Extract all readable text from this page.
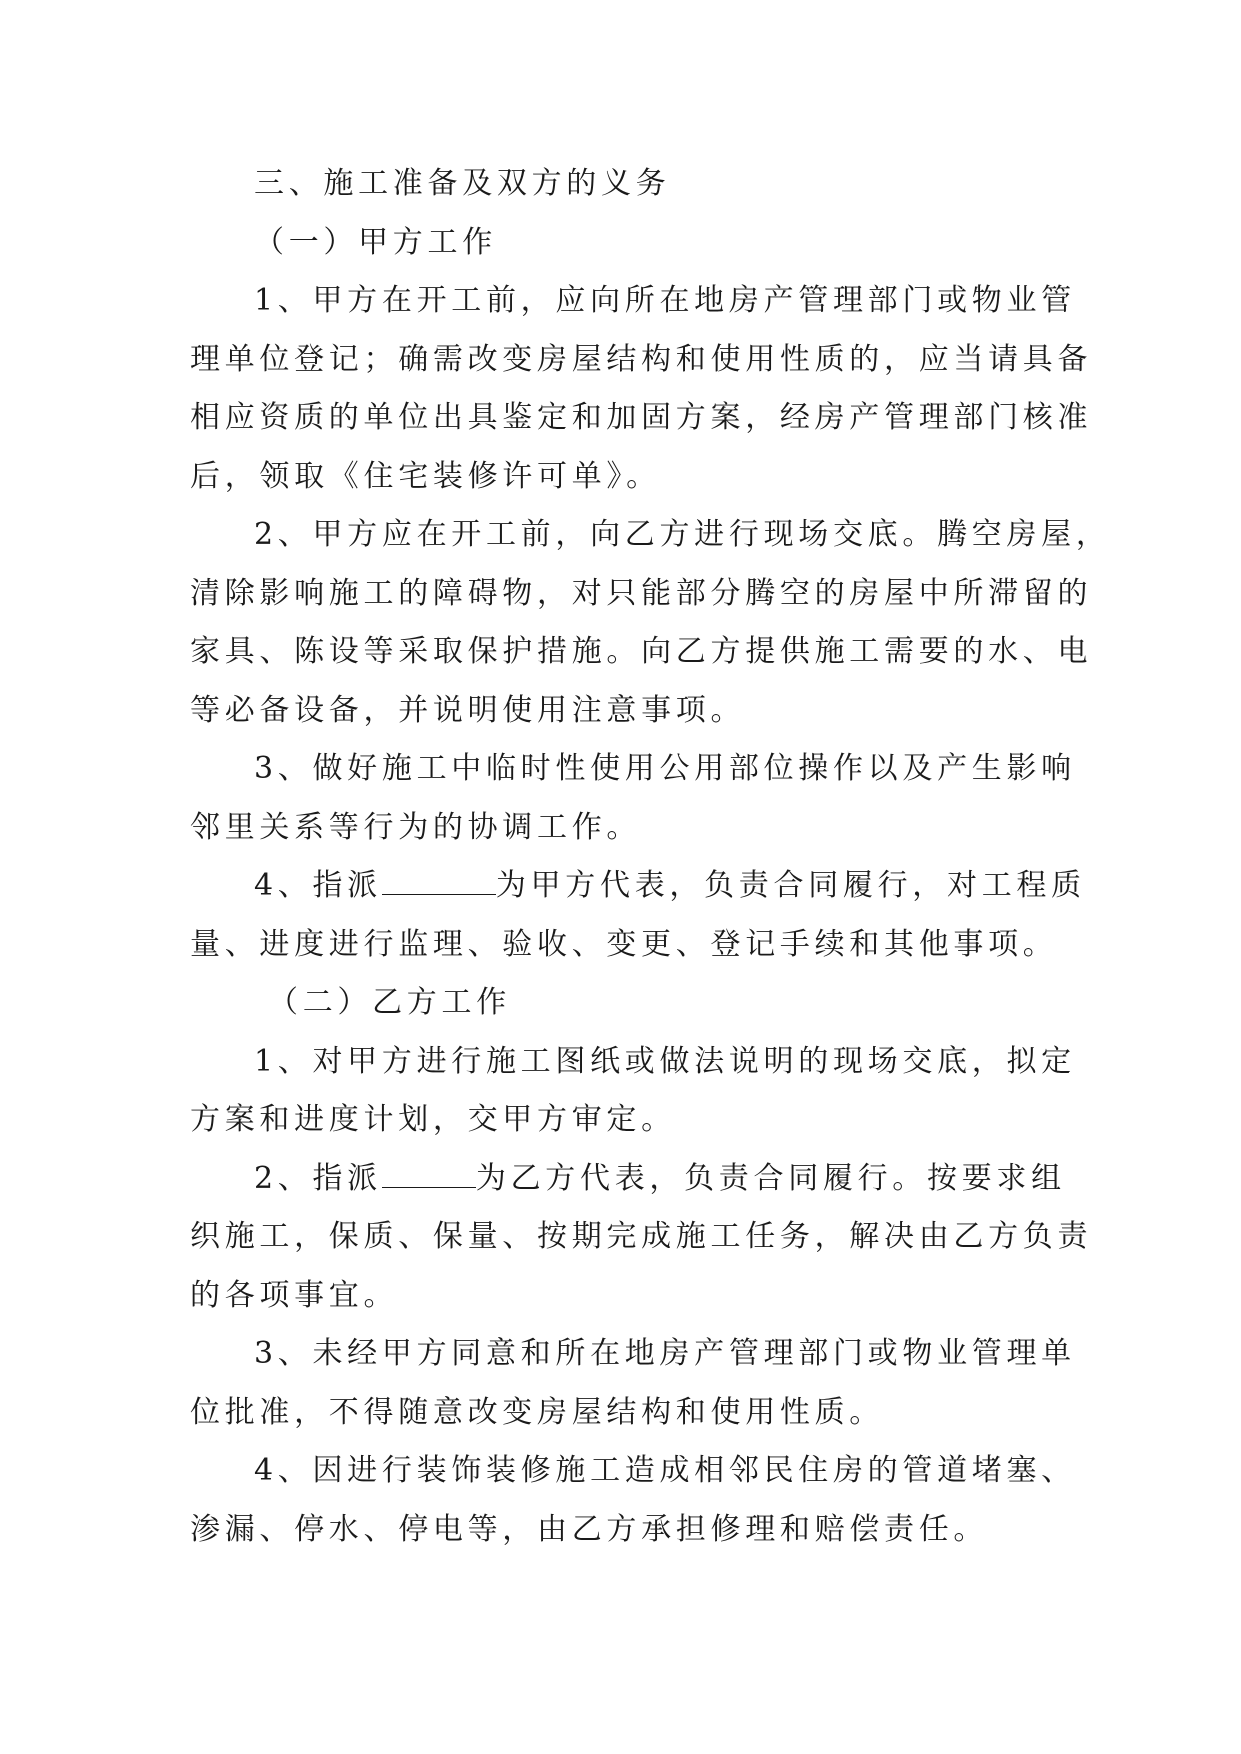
三、施工准备及双方的义务
（一）甲方工作
1、甲方在开工前，应向所在地房产管理部门或物业管
理单位登记；确需改变房屋结构和使用性质的，应当请具备
相应资质的单位出具鉴定和加固方案，经房产管理部门核准
后，领取《住宅装修许可单》。
2、甲方应在开工前，向乙方进行现场交底。腾空房屋，
清除影响施工的障碍物，对只能部分腾空的房屋中所滞留的
家具、陈设等采取保护措施。向乙方提供施工需要的水、电
等必备设备，并说明使用注意事项。
3、做好施工中临时性使用公用部位操作以及产生影响
邻里关系等行为的协调工作。
4、指派	为甲方代表，负责合同履行，对工程质
量、进度进行监理、验收、变更、登记手续和其他事项。
（二）乙方工作
1、对甲方进行施工图纸或做法说明的现场交底，拟定
方案和进度计划，交甲方审定。
2、指派	为乙方代表，负责合同履行。按要求组
织施工，保质、保量、按期完成施工任务，解决由乙方负责
的各项事宜。
3、未经甲方同意和所在地房产管理部门或物业管理单
位批准，不得随意改变房屋结构和使用性质。
4、因进行装饰装修施工造成相邻民住房的管道堵塞、
渗漏、停水、停电等，由乙方承担修理和赔偿责任。
